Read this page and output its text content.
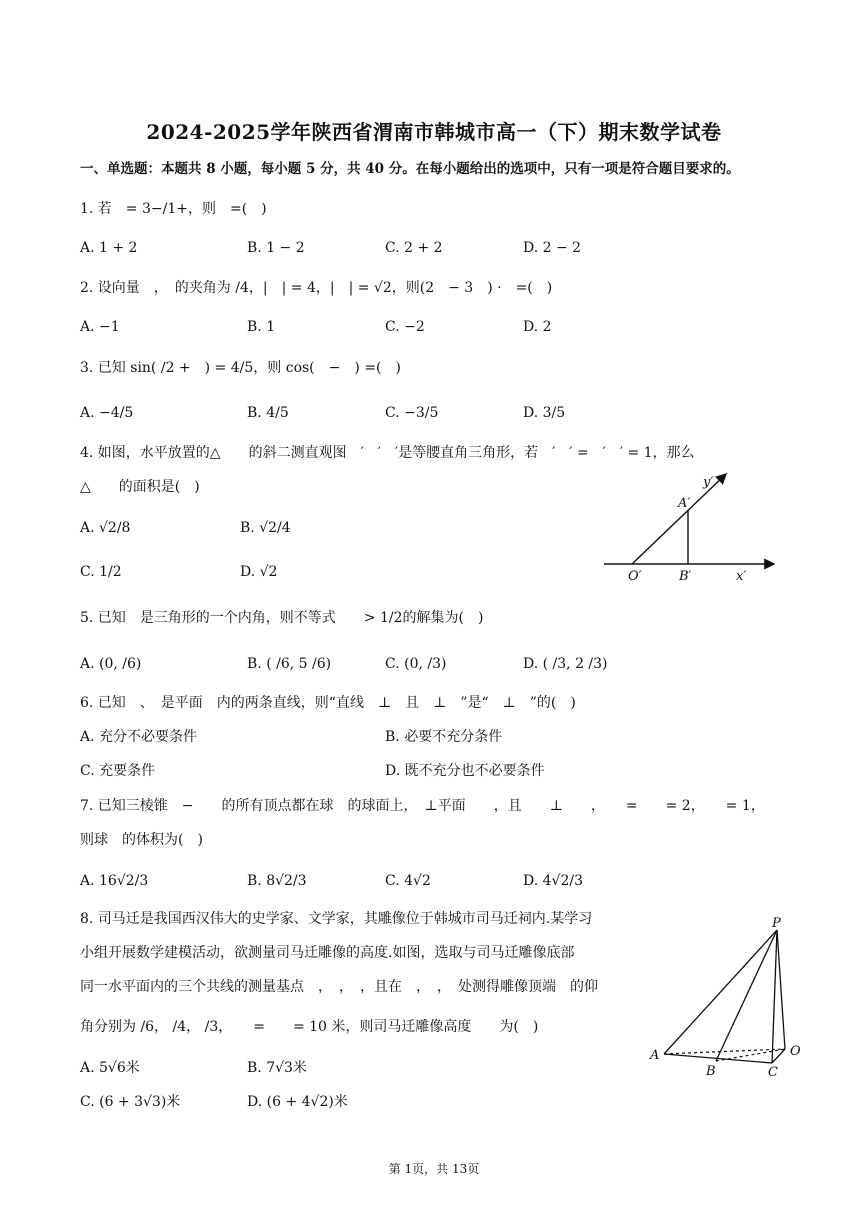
2024-2025学年陕西省渭南市韩城市高一（下）期末数学试卷
一、单选题：本题共 8 小题，每小题 5 分，共 40 分。在每小题给出的选项中，只有一项是符合题目要求的。
1. 若　= 3−/1+，则　=(　)
A. 1 + 2	B. 1 − 2	C. 2 + 2	D. 2 − 2
2. 设向量　，　的夹角为 /4，|　| = 4，|　| = √2，则(2　− 3　) ·　=(　)
A. −1	B. 1	C. −2	D. 2
3. 已知 sin( /2 +　) = 4/5，则 cos(　−　) =(　)
A. −4/5	B. 4/5	C. −3/5	D. 3/5
4. 如图，水平放置的△　　的斜二测直观图　′　′　′是等腰直角三角形，若　′　′ =　′　′ = 1，那么
△　　的面积是(　)
A. √2/8	B. √2/4
C. 1/2	D. √2
y′
A′
O′	B′	x′
5. 已知　是三角形的一个内角，则不等式　　> 1/2的解集为(　)
A. (0, /6)	B. ( /6, 5 /6)	C. (0, /3)	D. ( /3, 2 /3)
6. 已知　、　是平面　内的两条直线，则“直线　⊥　且　⊥　”是“　⊥　”的(　)
A. 充分不必要条件	B. 必要不充分条件
C. 充要条件	D. 既不充分也不必要条件
7. 已知三棱锥　−　　的所有顶点都在球　的球面上，　⊥平面　　，且　　⊥　　，　　=　　= 2，　　= 1，
则球　的体积为(　)
A. 16√2/3	B. 8√2/3	C. 4√2	D. 4√2/3
8. 司马迁是我国西汉伟大的史学家、文学家，其雕像位于韩城市司马迁祠内.某学习
小组开展数学建模活动，欲测量司马迁雕像的高度.如图，选取与司马迁雕像底部
同一水平面内的三个共线的测量基点　，　，　，且在　，　，　处测得雕像顶端　的仰
角分别为 /6， /4， /3，　　=　　= 10 米，则司马迁雕像高度　　为(　)
A. 5√6米	B. 7√3米
C. (6 + 3√3)米	D. (6 + 4√2)米
P
A
B	C
O
第 1页，共 13页
